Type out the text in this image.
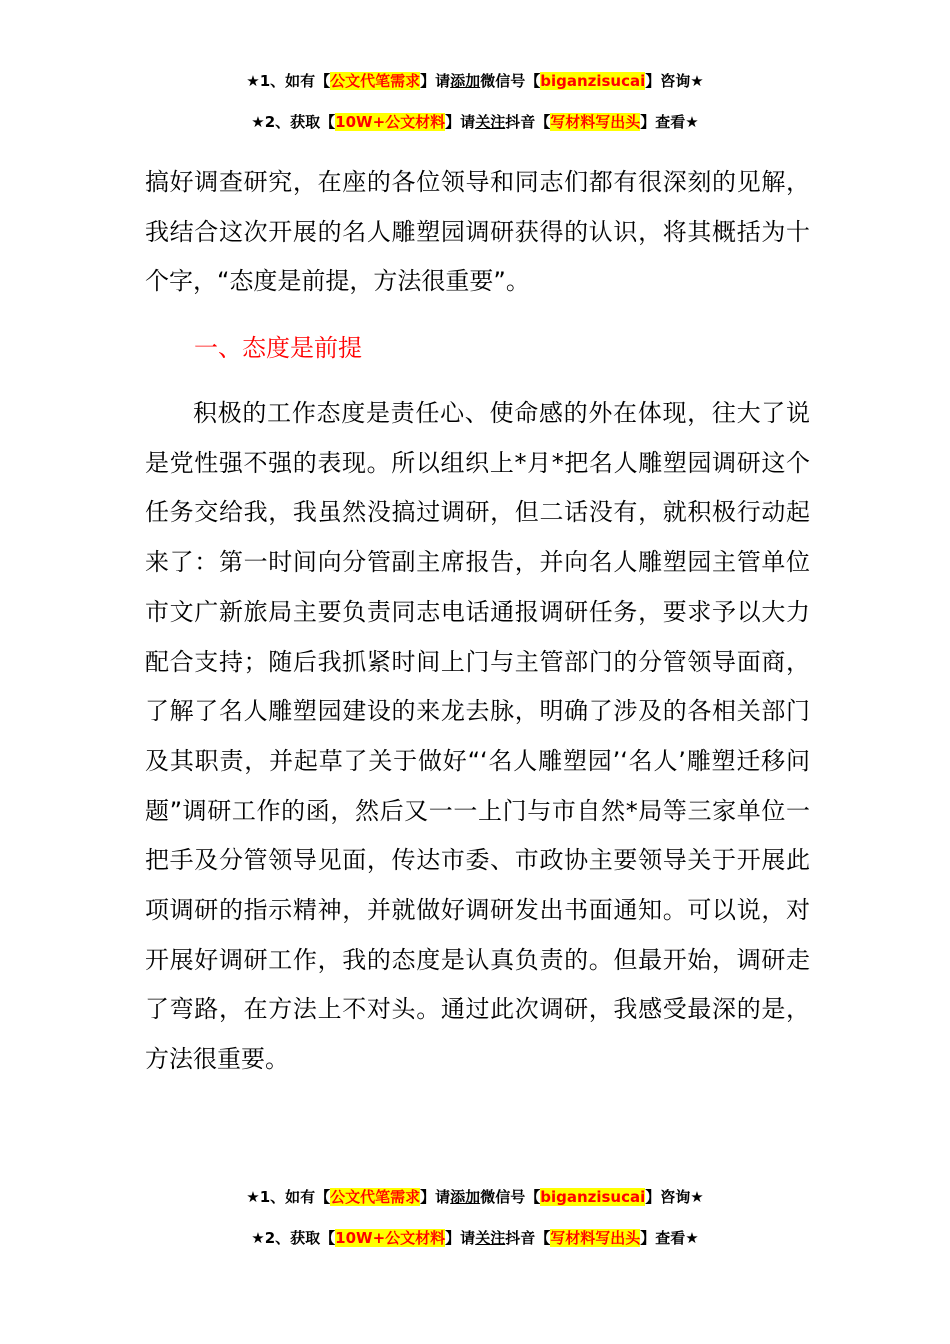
★1、如有【公文代笔需求】请添加微信号【biganzisucai】咨询★
★2、获取【10W+公文材料】请关注抖音【写材料写出头】查看★

搞好调查研究，在座的各位领导和同志们都有很深刻的见解，我结合这次开展的名人雕塑园调研获得的认识，将其概括为十个字，“态度是前提，方法很重要”。

一、态度是前提

积极的工作态度是责任心、使命感的外在体现，往大了说是党性强不强的表现。所以组织上*月*把名人雕塑园调研这个任务交给我，我虽然没搞过调研，但二话没有，就积极行动起来了：第一时间向分管副主席报告，并向名人雕塑园主管单位市文广新旅局主要负责同志电话通报调研任务，要求予以大力配合支持；随后我抓紧时间上门与主管部门的分管领导面商，了解了名人雕塑园建设的来龙去脉，明确了涉及的各相关部门及其职责，并起草了关于做好“‘名人雕塑园’‘名人’雕塑迁移问题”调研工作的函，然后又一一上门与市自然*局等三家单位一把手及分管领导见面，传达市委、市政协主要领导关于开展此项调研的指示精神，并就做好调研发出书面通知。可以说，对开展好调研工作，我的态度是认真负责的。但最开始，调研走了弯路，在方法上不对头。通过此次调研，我感受最深的是，方法很重要。

★1、如有【公文代笔需求】请添加微信号【biganzisucai】咨询★
★2、获取【10W+公文材料】请关注抖音【写材料写出头】查看★
